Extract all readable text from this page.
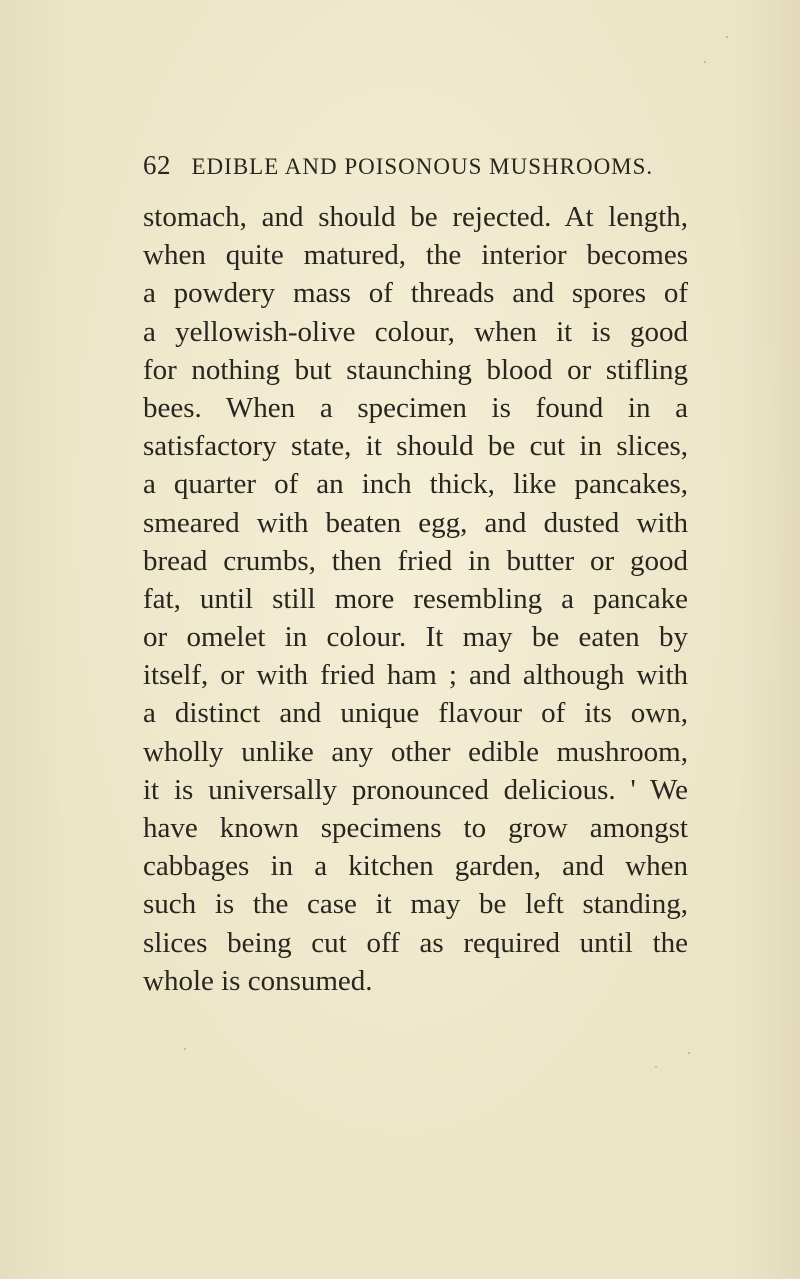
62 EDIBLE AND POISONOUS MUSHROOMS.
stomach, and should be rejected. At length,
when quite matured, the interior becomes
a powdery mass of threads and spores of
a yellowish-olive colour, when it is good
for nothing but staunching blood or stifling
bees. When a specimen is found in a
satisfactory state, it should be cut in slices,
a quarter of an inch thick, like pancakes,
smeared with beaten egg, and dusted with
bread crumbs, then fried in butter or good
fat, until still more resembling a pancake
or omelet in colour. It may be eaten by
itself, or with fried ham ; and although with
a distinct and unique flavour of its own,
wholly unlike any other edible mushroom,
it is universally pronounced delicious. ' We
have known specimens to grow amongst
cabbages in a kitchen garden, and when
such is the case it may be left standing,
slices being cut off as required until the
whole is consumed.
